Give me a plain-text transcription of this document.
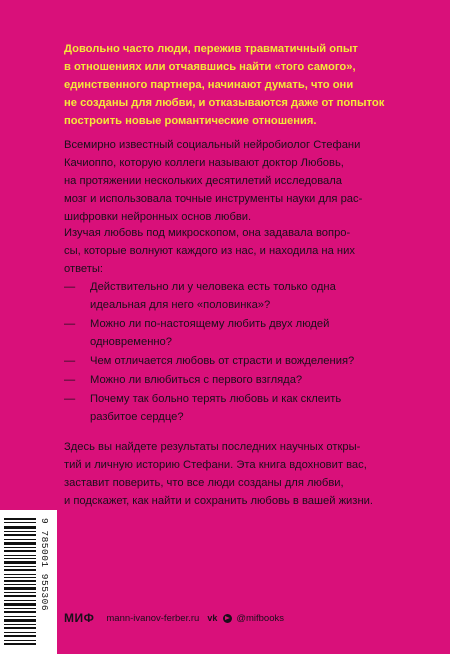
Довольно часто люди, пережив травматичный опыт
в отношениях или отчаявшись найти «того самого»,
единственного партнера, начинают думать, что они
не созданы для любви, и отказываются даже от попыток
построить новые романтические отношения.
Всемирно известный социальный нейробиолог Стефани
Качиоппо, которую коллеги называют доктор Любовь,
на протяжении нескольких десятилетий исследовала
мозг и использовала точные инструменты науки для рас-
шифровки нейронных основ любви.
Изучая любовь под микроскопом, она задавала вопро-
сы, которые волнуют каждого из нас, и находила на них
ответы:
— Действительно ли у человека есть только одна
идеальная для него «половинка»?
— Можно ли по-настоящему любить двух людей
одновременно?
— Чем отличается любовь от страсти и вожделения?
— Можно ли влюбиться с первого взгляда?
— Почему так больно терять любовь и как склеить
разбитое сердце?
Здесь вы найдете результаты последних научных откры-
тий и личную историю Стефани. Эта книга вдохновит вас,
заставит поверить, что все люди созданы для любви,
и подскажет, как найти и сохранить любовь в вашей жизни.
9 785001 955306
МИФ mann-ivanov-ferber.ru vk @mifbooks
